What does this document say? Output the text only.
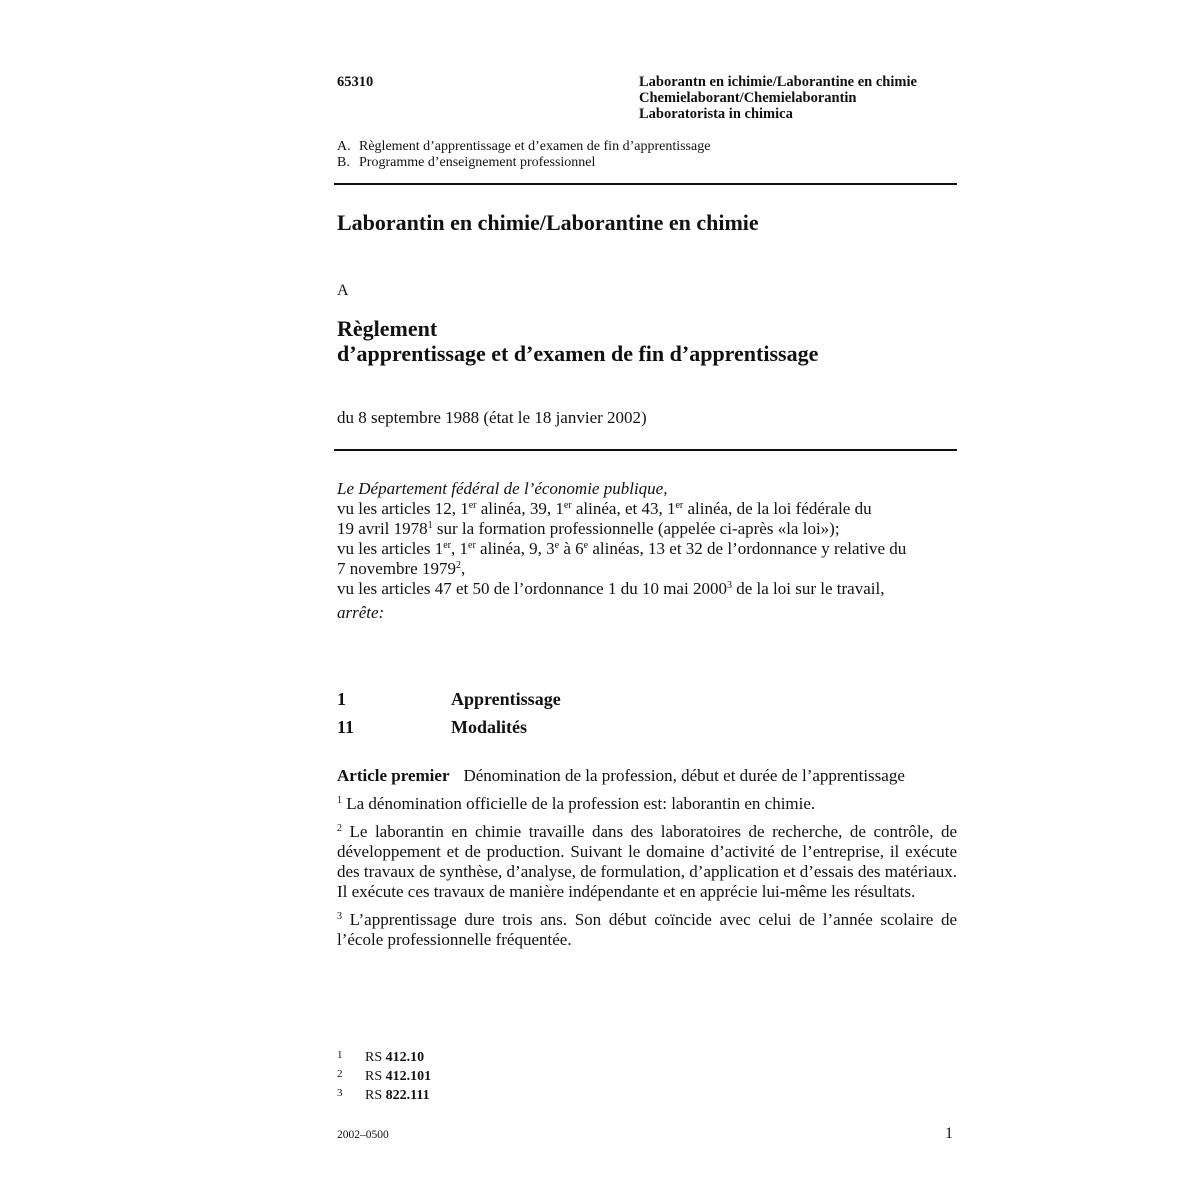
65310	Laborantn en ichimie/Laborantine en chimie
Chemielaborant/Chemielaborantin
Laboratorista in chimica
A. Règlement d’apprentissage et d’examen de fin d’apprentissage
B. Programme d’enseignement professionnel
Laborantin en chimie/Laborantine en chimie
A
Règlement
d’apprentissage et d’examen de fin d’apprentissage
du 8 septembre 1988 (état le 18 janvier 2002)
Le Département fédéral de l’économie publique,
vu les articles 12, 1er alinéa, 39, 1er alinéa, et 43, 1er alinéa, de la loi fédérale du
19 avril 1978$^1$ sur la formation professionnelle (appelée ci-après «la loi»);
vu les articles 1er, 1er alinéa, 9, 3e à 6e alinéas, 13 et 32 de l’ordonnance y relative du
7 novembre 1979$^2$,
vu les articles 47 et 50 de l’ordonnance 1 du 10 mai 2000$^3$ de la loi sur le travail,
arrête:
1	Apprentissage
11	Modalités
Article premier Dénomination de la profession, début et durée de l’apprentissage

$^1$ La dénomination officielle de la profession est: laborantin en chimie.

$^2$ Le laborantin en chimie travaille dans des laboratoires de recherche, de contrôle, de développement et de production. Suivant le domaine d’activité de l’entreprise, il exécute des travaux de synthèse, d’analyse, de formulation, d’application et d’essais des matériaux. Il exécute ces travaux de manière indépendante et en apprécie lui-même les résultats.

$^3$ L’apprentissage dure trois ans. Son début coïncide avec celui de l’année scolaire de l’école professionnelle fréquentée.

1 RS 412.10
2 RS 412.101
3 RS 822.111
2002–0500	1
